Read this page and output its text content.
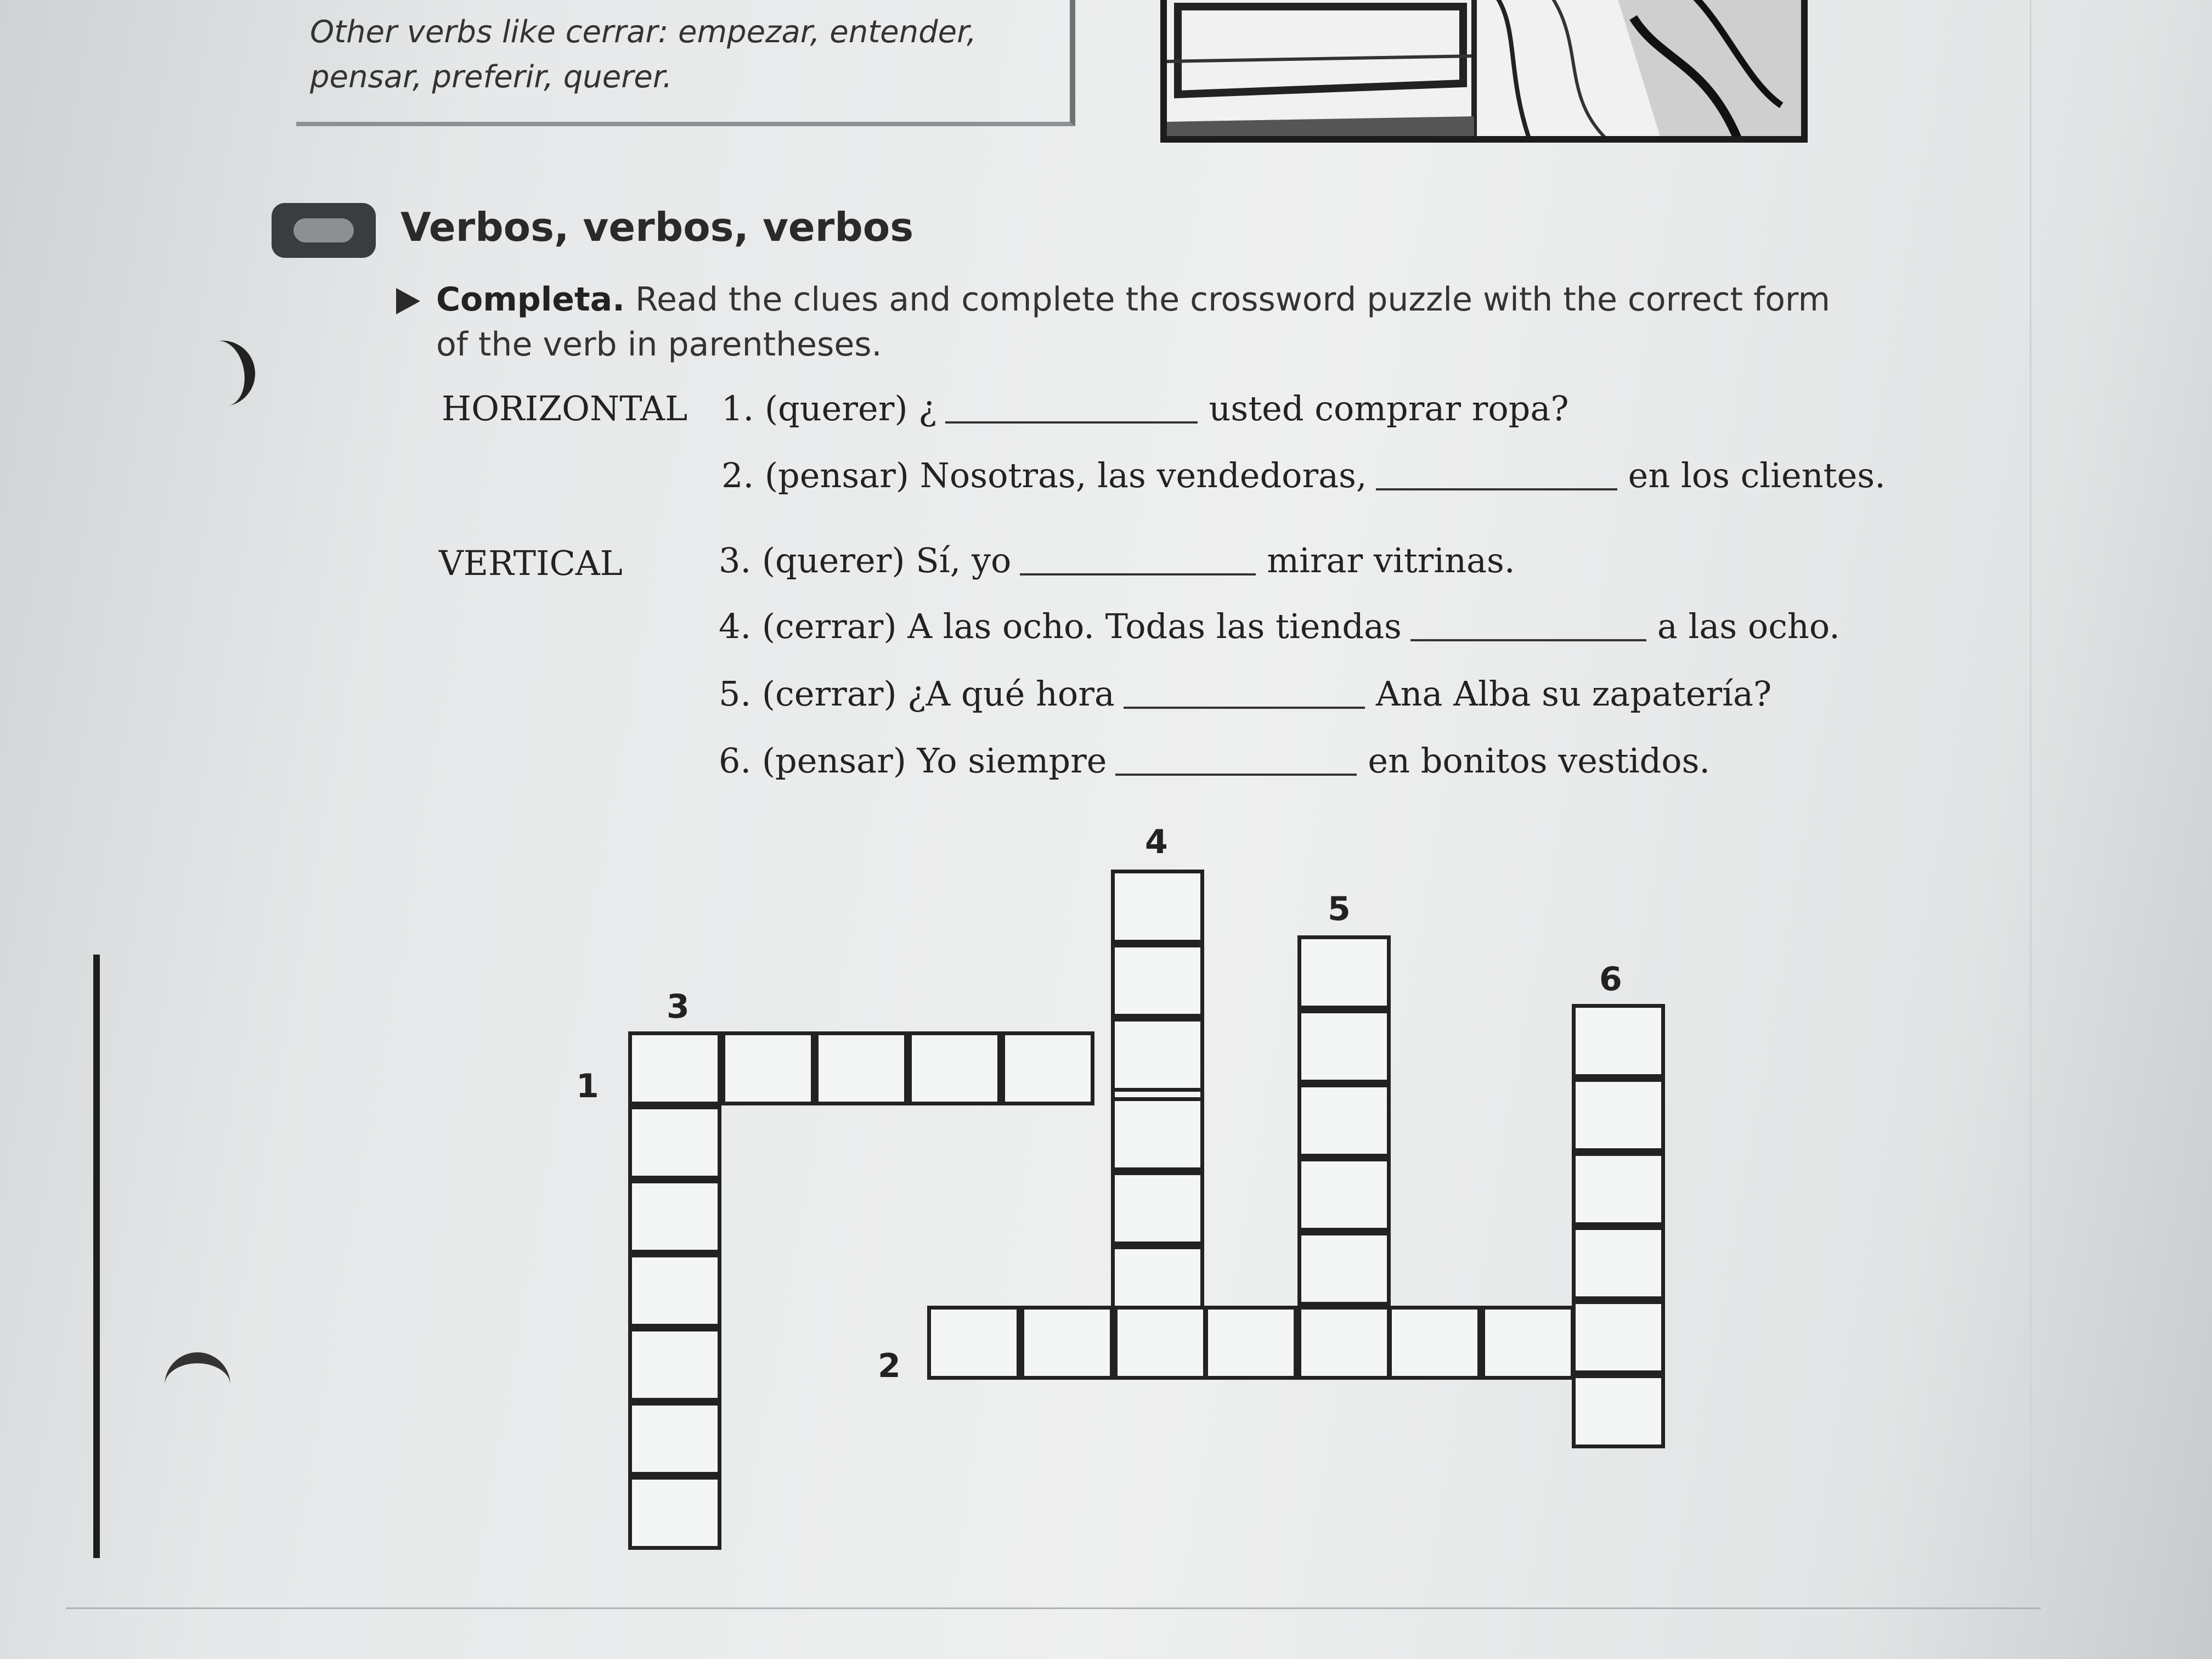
Other verbs like cerrar: empezar, entender,
pensar, preferir, querer.
Verbos, verbos, verbos
Completa. Read the clues and complete the crossword puzzle with the correct form
of the verb in parentheses.
HORIZONTAL 1. (querer) ¿	usted comprar ropa?
2. (pensar) Nosotras, las vendedoras,	en los clientes.
VERTICAL	3. (querer) Sí, yo	mirar vitrinas.
4. (cerrar) A las ocho. Todas las tiendas	a las ocho.
5. (cerrar) ¿A qué hora	Ana Alba su zapatería?
6. (pensar) Yo siempre	en bonitos vestidos.
1
2
3
4
5
6
